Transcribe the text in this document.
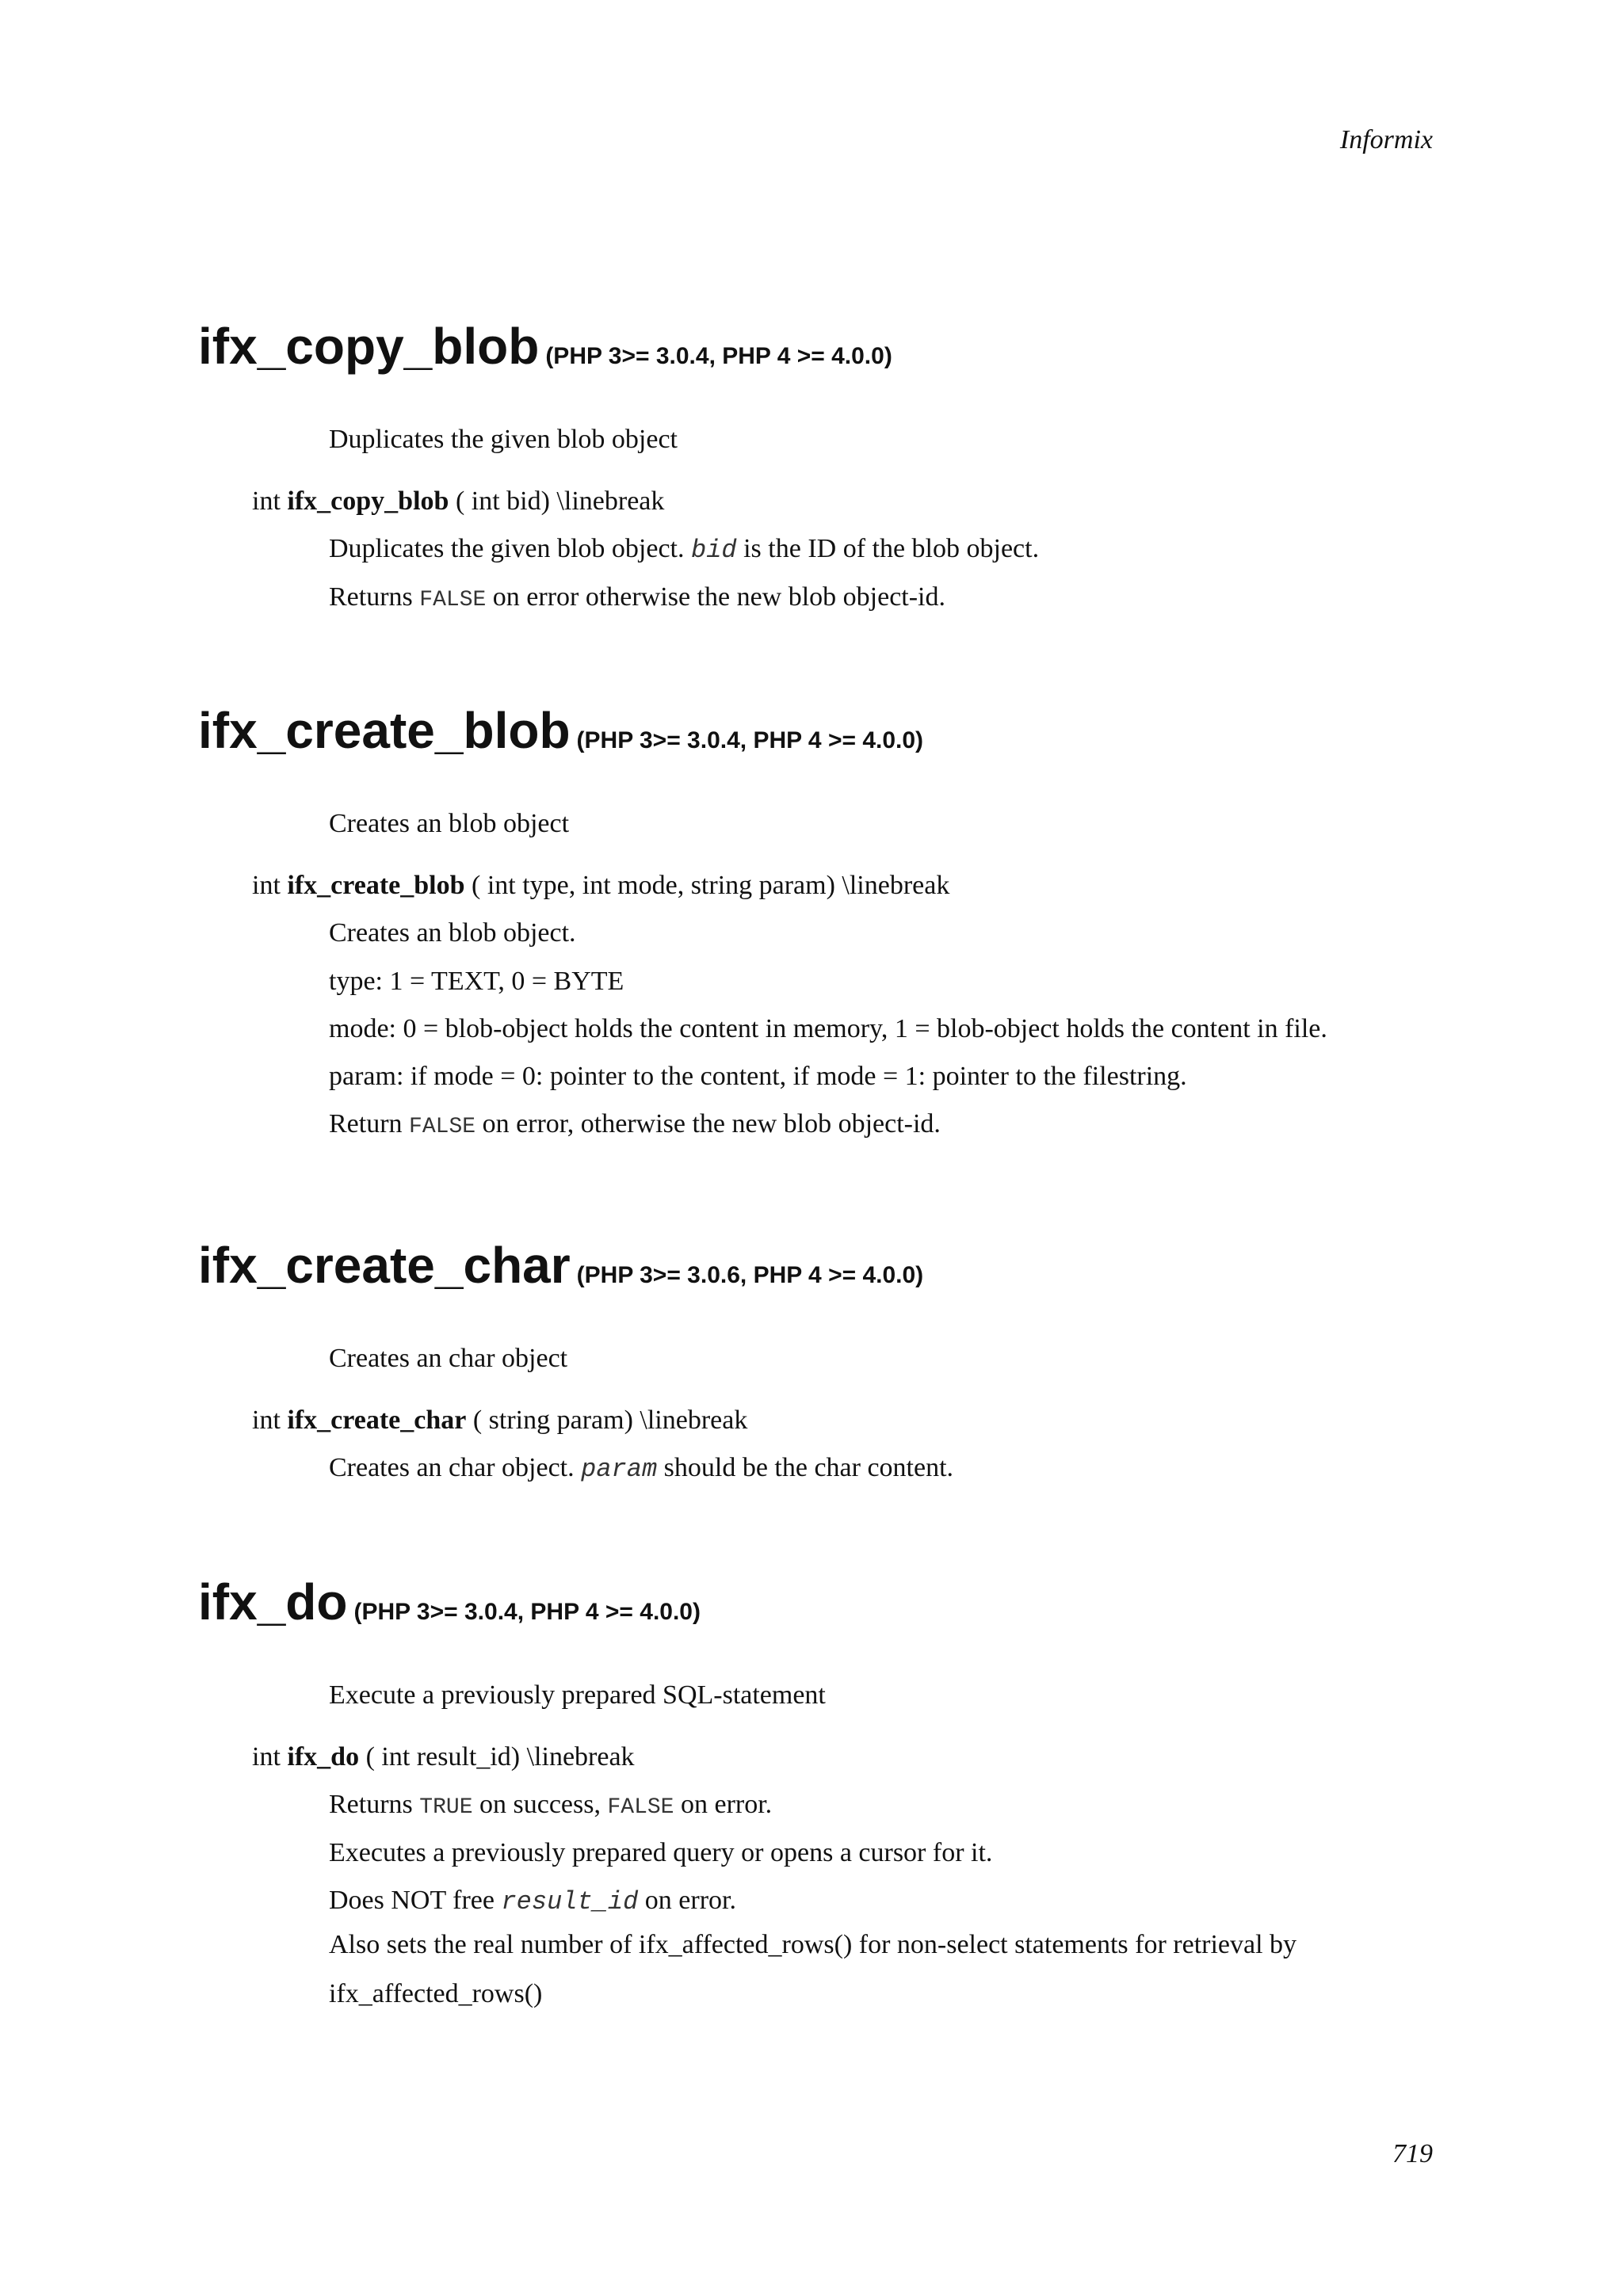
Informix
ifx_copy_blob (PHP 3>= 3.0.4, PHP 4 >= 4.0.0)
Duplicates the given blob object
int ifx_copy_blob ( int bid) \linebreak

Duplicates the given blob object. bid is the ID of the blob object.

Returns FALSE on error otherwise the new blob object-id.

ifx_create_blob (PHP 3>= 3.0.4, PHP 4 >= 4.0.0)
Creates an blob object
int ifx_create_blob ( int type, int mode, string param) \linebreak

Creates an blob object.

type: 1 = TEXT, 0 = BYTE

mode: 0 = blob-object holds the content in memory, 1 = blob-object holds the content in file.

param: if mode = 0: pointer to the content, if mode = 1: pointer to the filestring.

Return FALSE on error, otherwise the new blob object-id.

ifx_create_char (PHP 3>= 3.0.6, PHP 4 >= 4.0.0)
Creates an char object
int ifx_create_char ( string param) \linebreak

Creates an char object. param should be the char content.

ifx_do (PHP 3>= 3.0.4, PHP 4 >= 4.0.0)
Execute a previously prepared SQL-statement
int ifx_do ( int result_id) \linebreak

Returns TRUE on success, FALSE on error.

Executes a previously prepared query or opens a cursor for it.

Does NOT free result_id on error.

Also sets the real number of ifx_affected_rows() for non-select statements for retrieval by ifx_affected_rows()

719
